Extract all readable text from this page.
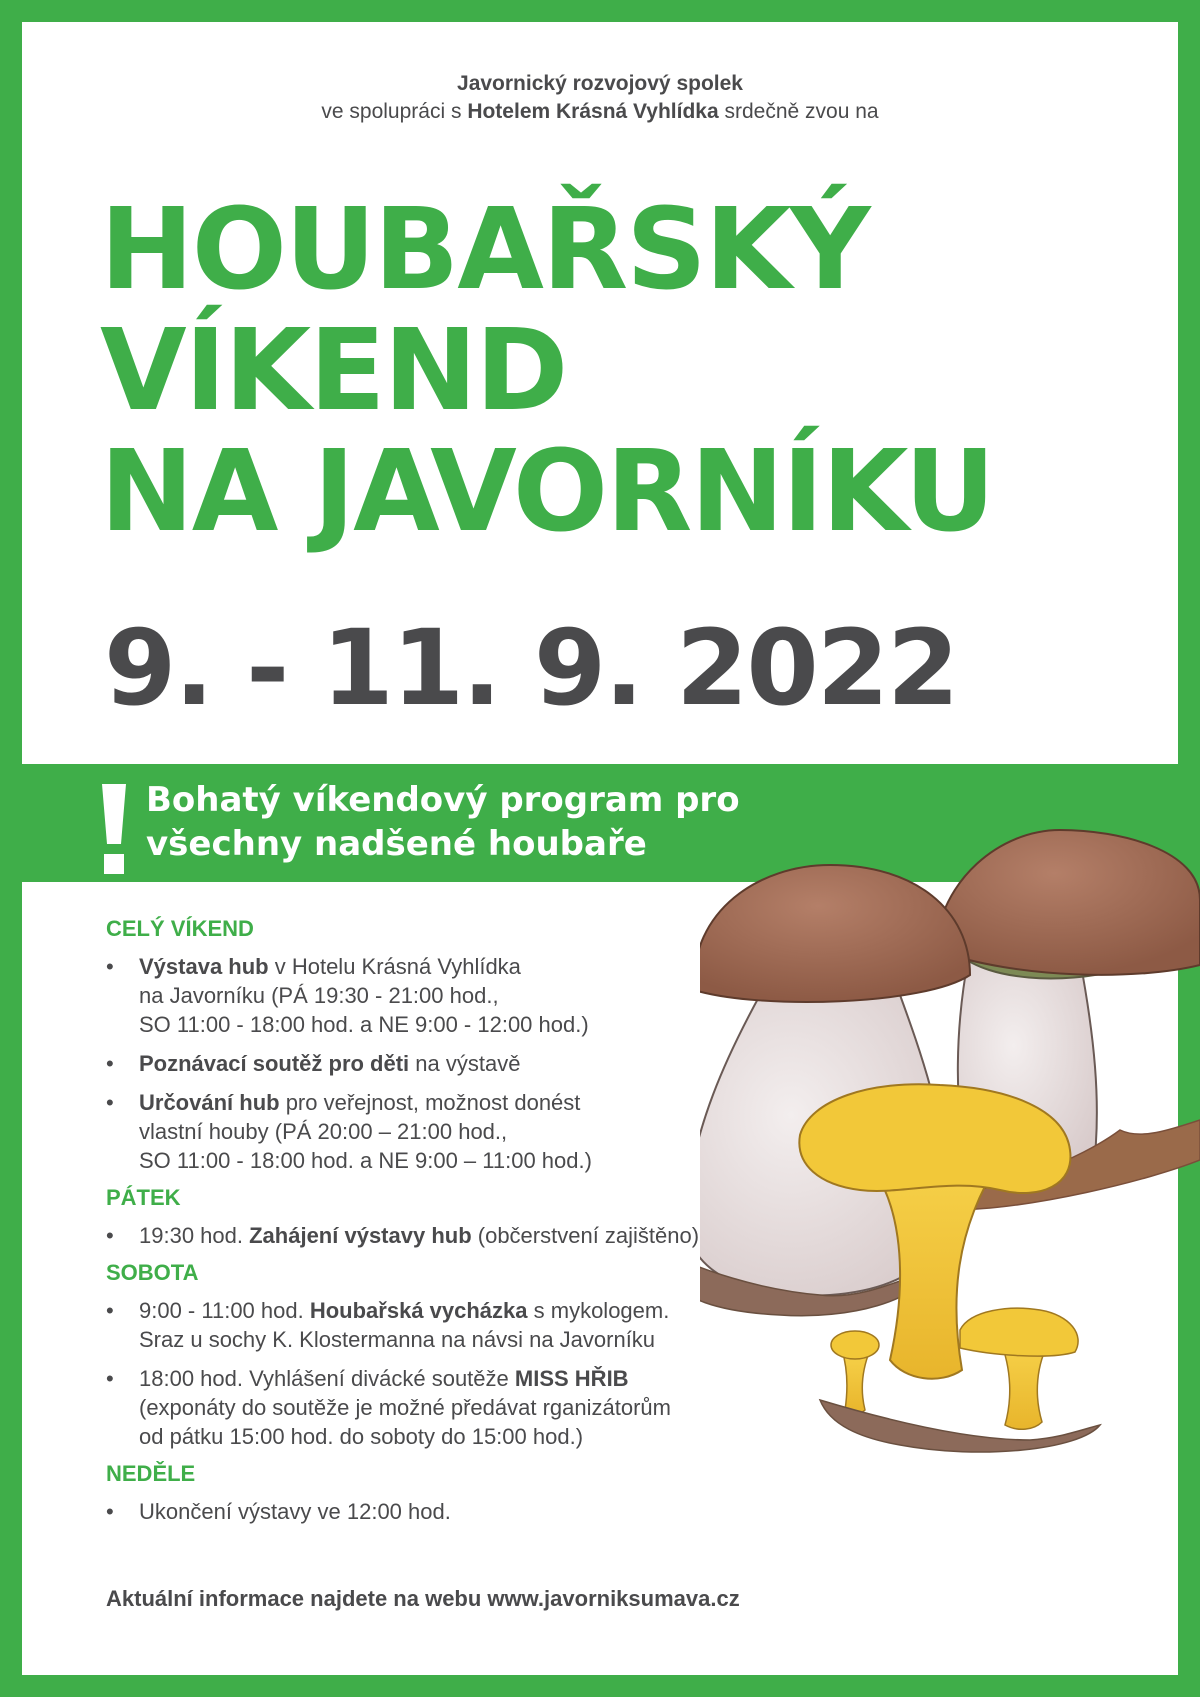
Javornický rozvojový spolek
ve spolupráci s Hotelem Krásná Vyhlídka srdečně zvou na
HOUBAŘSKÝ
VÍKEND
NA JAVORNÍKU
9. - 11. 9. 2022
Bohatý víkendový program pro
všechny nadšené houbaře

CELÝ VÍKEND

• Výstava hub v Hotelu Krásná Vyhlídka
na Javorníku (PÁ 19:30 - 21:00 hod.,
SO 11:00 - 18:00 hod. a NE 9:00 - 12:00 hod.)
• Poznávací soutěž pro děti na výstavě
• Určování hub pro veřejnost, možnost donést
vlastní houby (PÁ 20:00 – 21:00 hod.,
SO 11:00 - 18:00 hod. a NE 9:00 – 11:00 hod.)

PÁTEK

• 19:30 hod. Zahájení výstavy hub (občerstvení zajištěno)

SOBOTA

• 9:00 - 11:00 hod. Houbařská vycházka s mykologem.
Sraz u sochy K. Klostermanna na návsi na Javorníku
• 18:00 hod. Vyhlášení divácké soutěže MISS HŘIB
(exponáty do soutěže je možné předávat rganizátorům
od pátku 15:00 hod. do soboty do 15:00 hod.)

NEDĚLE

• Ukončení výstavy ve 12:00 hod.
Aktuální informace najdete na webu www.javorniksumava.cz
